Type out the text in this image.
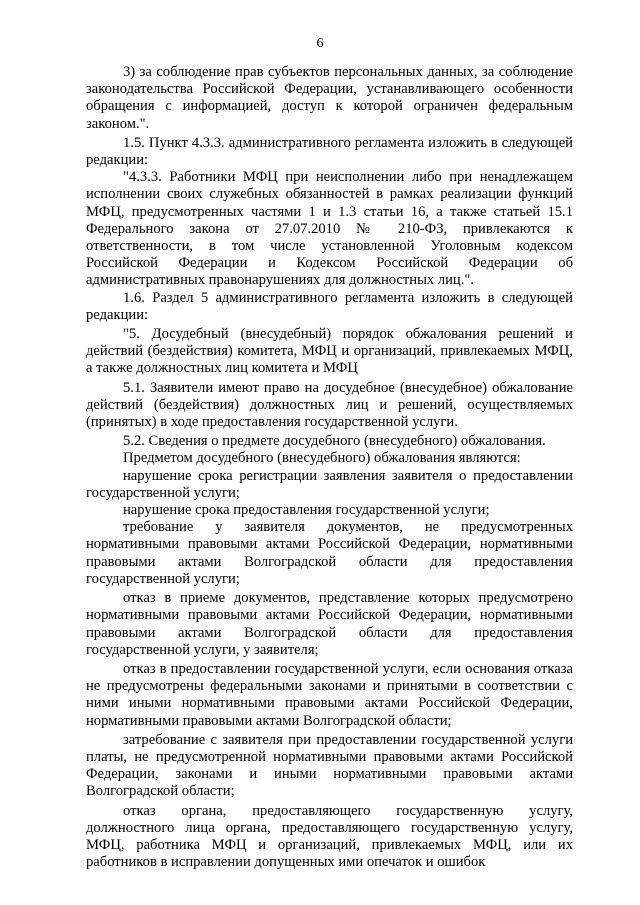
6

3) за соблюдение прав субъектов персональных данных, за соблюдение законодательства Российской Федерации, устанавливающего особенности обращения с информацией, доступ к которой ограничен федеральным законом.".

1.5. Пункт 4.3.3. административного регламента изложить в следующей редакции:

"4.3.3. Работники МФЦ при неисполнении либо при ненадлежащем исполнении своих служебных обязанностей в рамках реализации функций МФЦ, предусмотренных частями 1 и 1.3 статьи 16, а также статьей 15.1 Федерального закона от 27.07.2010 № 210-ФЗ, привлекаются к ответственности, в том числе установленной Уголовным кодексом Российской Федерации и Кодексом Российской Федерации об административных правонарушениях для должностных лиц.".

1.6. Раздел 5 административного регламента изложить в следующей редакции:

"5. Досудебный (внесудебный) порядок обжалования решений и действий (бездействия) комитета, МФЦ и организаций, привлекаемых МФЦ, а также должностных лиц комитета и МФЦ

5.1. Заявители имеют право на досудебное (внесудебное) обжалование действий (бездействия) должностных лиц и решений, осуществляемых (принятых) в ходе предоставления государственной услуги.

5.2. Сведения о предмете досудебного (внесудебного) обжалования.

Предметом досудебного (внесудебного) обжалования являются:

нарушение срока регистрации заявления заявителя о предоставлении государственной услуги;

нарушение срока предоставления государственной услуги;

требование у заявителя документов, не предусмотренных нормативными правовыми актами Российской Федерации, нормативными правовыми актами Волгоградской области для предоставления государственной услуги;

отказ в приеме документов, представление которых предусмотрено нормативными правовыми актами Российской Федерации, нормативными правовыми актами Волгоградской области для предоставления государственной услуги, у заявителя;

отказ в предоставлении государственной услуги, если основания отказа не предусмотрены федеральными законами и принятыми в соответствии с ними иными нормативными правовыми актами Российской Федерации, нормативными правовыми актами Волгоградской области;

затребование с заявителя при предоставлении государственной услуги платы, не предусмотренной нормативными правовыми актами Российской Федерации, законами и иными нормативными правовыми актами Волгоградской области;

отказ органа, предоставляющего государственную услугу, должностного лица органа, предоставляющего государственную услугу, МФЦ, работника МФЦ и организаций, привлекаемых МФЦ, или их работников в исправлении допущенных ими опечаток и ошибок
